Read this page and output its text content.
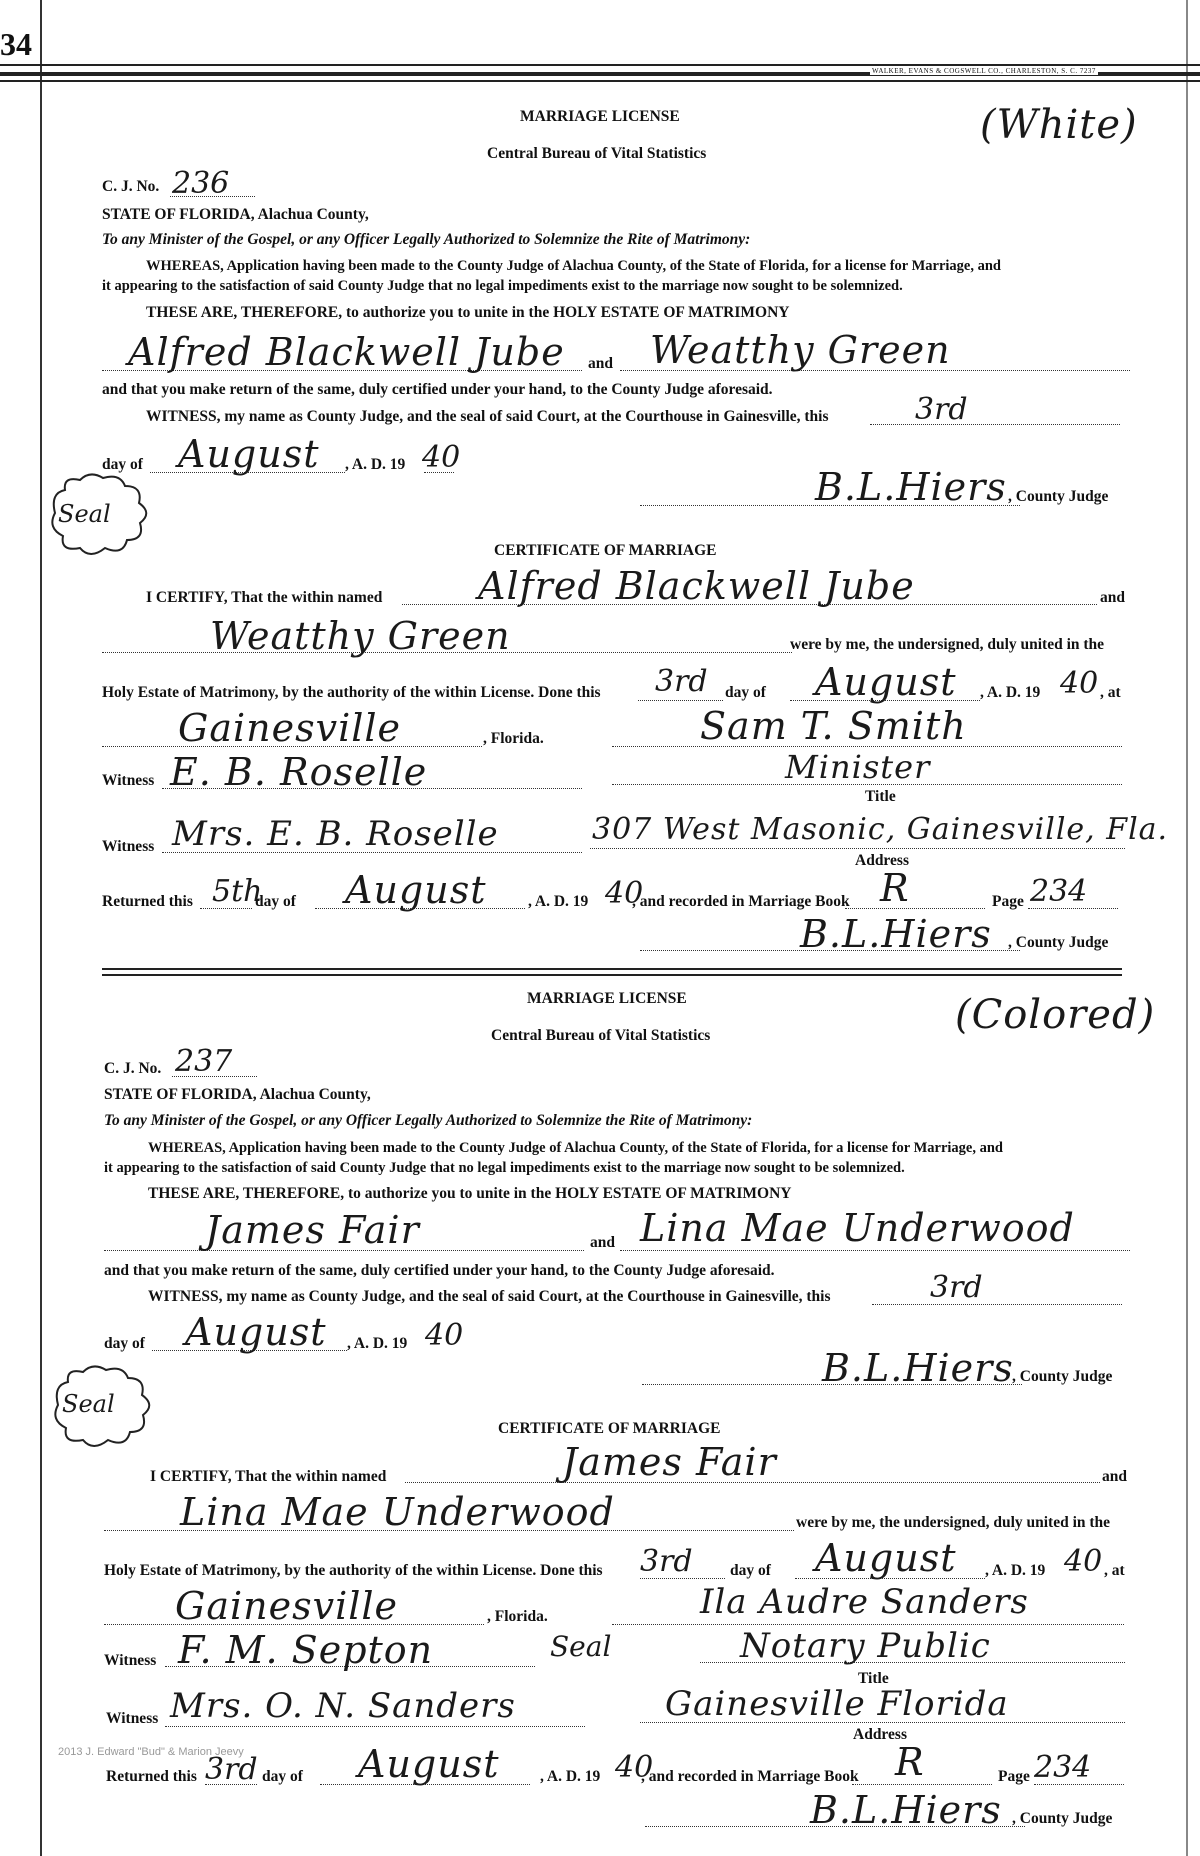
34
WALKER, EVANS & COGSWELL CO., CHARLESTON, S. C. 7237
MARRIAGE LICENSE	(White)
Central Bureau of Vital Statistics
C. J. No. 236
STATE OF FLORIDA, Alachua County,
To any Minister of the Gospel, or any Officer Legally Authorized to Solemnize the Rite of Matrimony:
WHEREAS, Application having been made to the County Judge of Alachua County, of the State of Florida, for a license for Marriage, and
it appearing to the satisfaction of said County Judge that no legal impediments exist to the marriage now sought to be solemnized.
THESE ARE, THEREFORE, to authorize you to unite in the HOLY ESTATE OF MATRIMONY
Alfred Blackwell Jube and Weatthy Green
and that you make return of the same, duly certified under your hand, to the County Judge aforesaid.
WITNESS, my name as County Judge, and the seal of said Court, at the Courthouse in Gainesville, this	3rd
day of August , A. D. 19 40
Seal
B.L.Hiers , County Judge
CERTIFICATE OF MARRIAGE
I CERTIFY, That the within named	Alfred Blackwell Jube	and
Weatthy Green	were by me, the undersigned, duly united in the
Holy Estate of Matrimony, by the authority of the within License. Done this 3rd day of August , A. D. 19 40 , at
Gainesville	, Florida.	Sam T. Smith
Witness E. B. Roselle	Minister
Title
Witness Mrs. E. B. Roselle	307 West Masonic, Gainesville, Fla.
Address
Returned this 5th
day of August	, A. D. 19 40
, and recorded in Marriage Book R	Page 234
B.L.Hiers , County Judge
MARRIAGE LICENSE	(Colored)
Central Bureau of Vital Statistics
C. J. No. 237
STATE OF FLORIDA, Alachua County,
To any Minister of the Gospel, or any Officer Legally Authorized to Solemnize the Rite of Matrimony:
WHEREAS, Application having been made to the County Judge of Alachua County, of the State of Florida, for a license for Marriage, and
it appearing to the satisfaction of said County Judge that no legal impediments exist to the marriage now sought to be solemnized.
THESE ARE, THEREFORE, to authorize you to unite in the HOLY ESTATE OF MATRIMONY
James Fair	and Lina Mae Underwood
and that you make return of the same, duly certified under your hand, to the County Judge aforesaid.
WITNESS, my name as County Judge, and the seal of said Court, at the Courthouse in Gainesville, this	3rd
day of August , A. D. 19 40
Seal
B.L.Hiers
, County Judge
CERTIFICATE OF MARRIAGE
I CERTIFY, That the within named	James Fair	and
Lina Mae Underwood	were by me, the undersigned, duly united in the
Holy Estate of Matrimony, by the authority of the within License. Done this 3rd day of August , A. D. 19 40 , at
Gainesville	, Florida.	Ila Audre Sanders
Witness F. M. Septon	Seal	Notary Public
Title
Witness Mrs. O. N. Sanders	Gainesville Florida
Address
2013 J. Edward "Bud" & Marion Jeevy
Returned this 3rd day of August	, A. D. 19 40
, and recorded in Marriage Book R	Page 234
B.L.Hiers , County Judge
